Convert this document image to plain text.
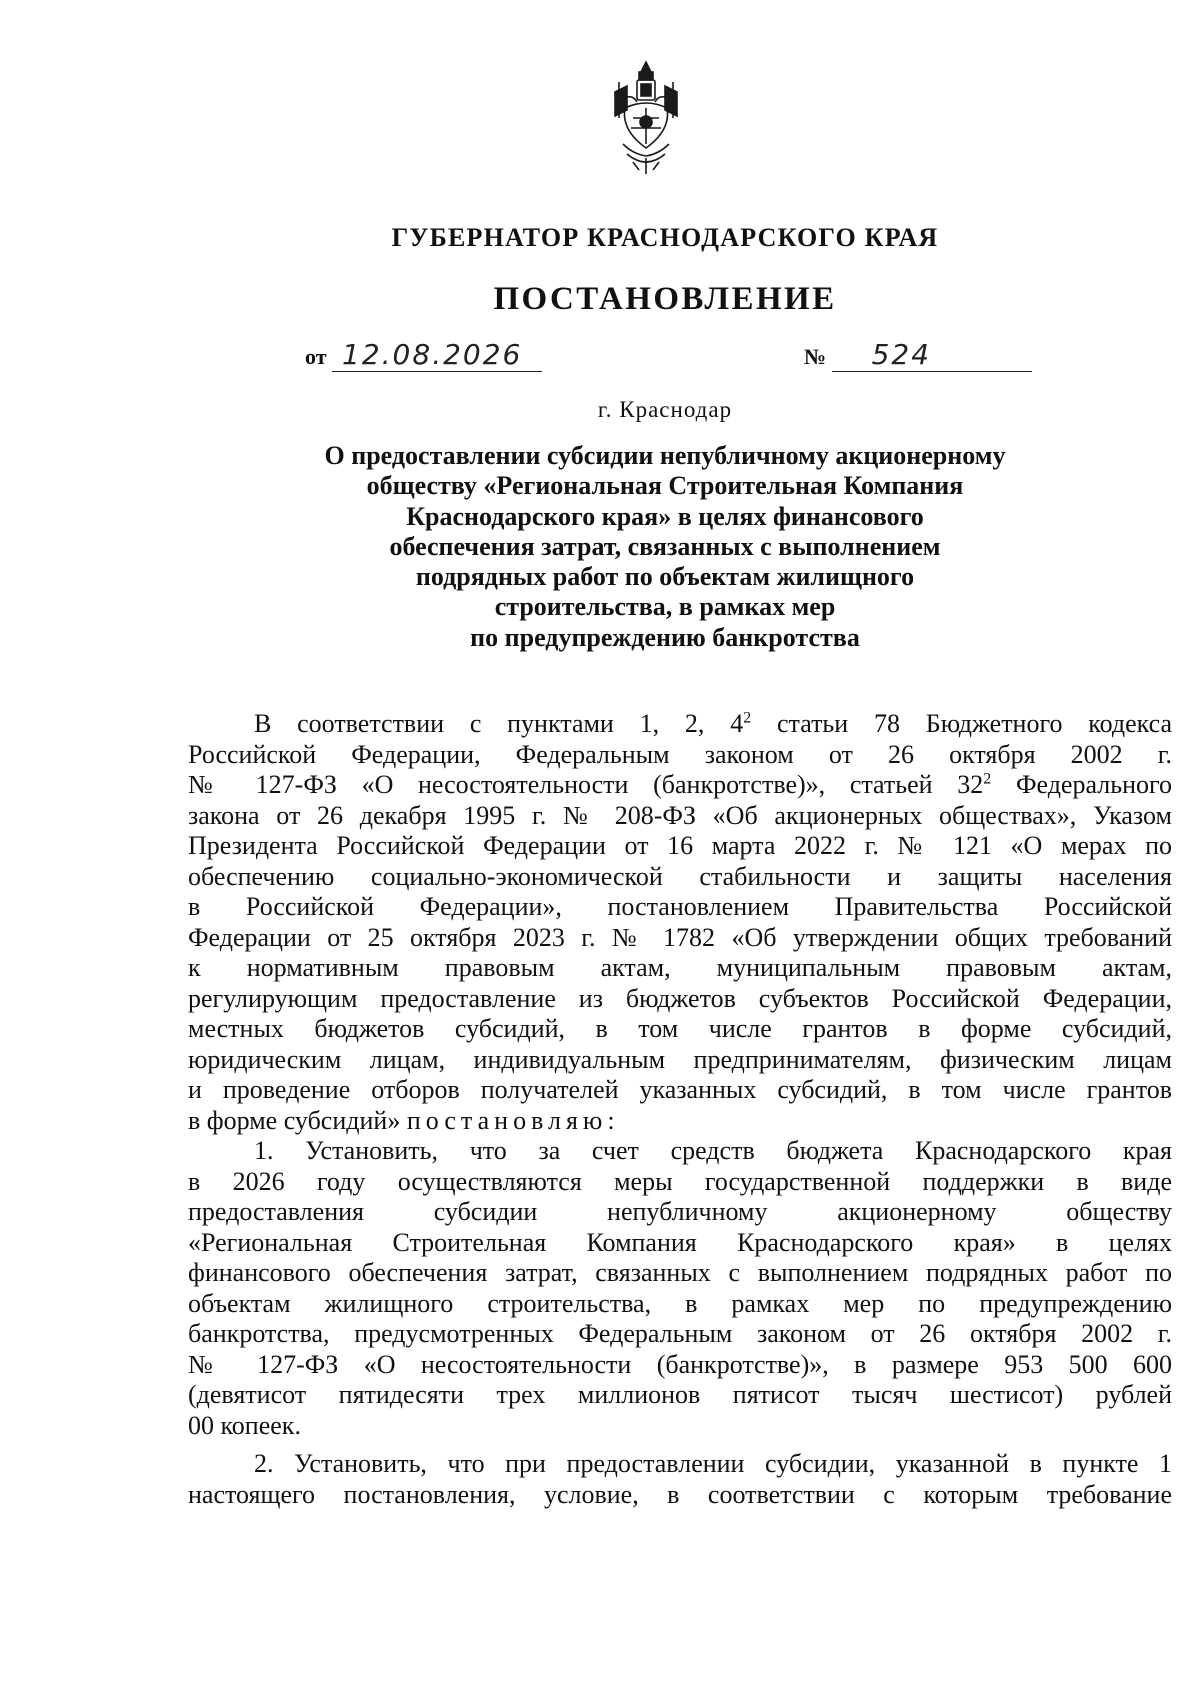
ГУБЕРНАТОР КРАСНОДАРСКОГО КРАЯ
ПОСТАНОВЛЕНИЕ
от 12.08.2026	№ 524
г. Краснодар
О предоставлении субсидии непубличному акционерному
обществу «Региональная Строительная Компания
Краснодарского края» в целях финансового
обеспечения затрат, связанных с выполнением
подрядных работ по объектам жилищного
строительства, в рамках мер
по предупреждению банкротства

В соответствии с пунктами 1, 2, $4^2$ статьи 78 Бюджетного кодекса

Российской Федерации, Федеральным законом от 26 октября 2002 г.

№ 127-ФЗ «О несостоятельности (банкротстве)», статьей $32^2$ Федерального

закона от 26 декабря 1995 г. № 208-ФЗ «Об акционерных обществах», Указом

Президента Российской Федерации от 16 марта 2022 г. № 121 «О мерах по

обеспечению социально-экономической стабильности и защиты населения

в Российской Федерации», постановлением Правительства Российской

Федерации от 25 октября 2023 г. № 1782 «Об утверждении общих требований

к нормативным правовым актам, муниципальным правовым актам,

регулирующим предоставление из бюджетов субъектов Российской Федерации,

местных бюджетов субсидий, в том числе грантов в форме субсидий,

юридическим лицам, индивидуальным предпринимателям, физическим лицам

и проведение отборов получателей указанных субсидий, в том числе грантов

в форме субсидий» постановляю:

1. Установить, что за счет средств бюджета Краснодарского края

в 2026 году осуществляются меры государственной поддержки в виде

предоставления субсидии непубличному акционерному обществу

«Региональная Строительная Компания Краснодарского края» в целях

финансового обеспечения затрат, связанных с выполнением подрядных работ по

объектам жилищного строительства, в рамках мер по предупреждению

банкротства, предусмотренных Федеральным законом от 26 октября 2002 г.

№ 127-ФЗ «О несостоятельности (банкротстве)», в размере 953 500 600

(девятисот пятидесяти трех миллионов пятисот тысяч шестисот) рублей

00 копеек.

2. Установить, что при предоставлении субсидии, указанной в пункте 1

настоящего постановления, условие, в соответствии с которым требование
